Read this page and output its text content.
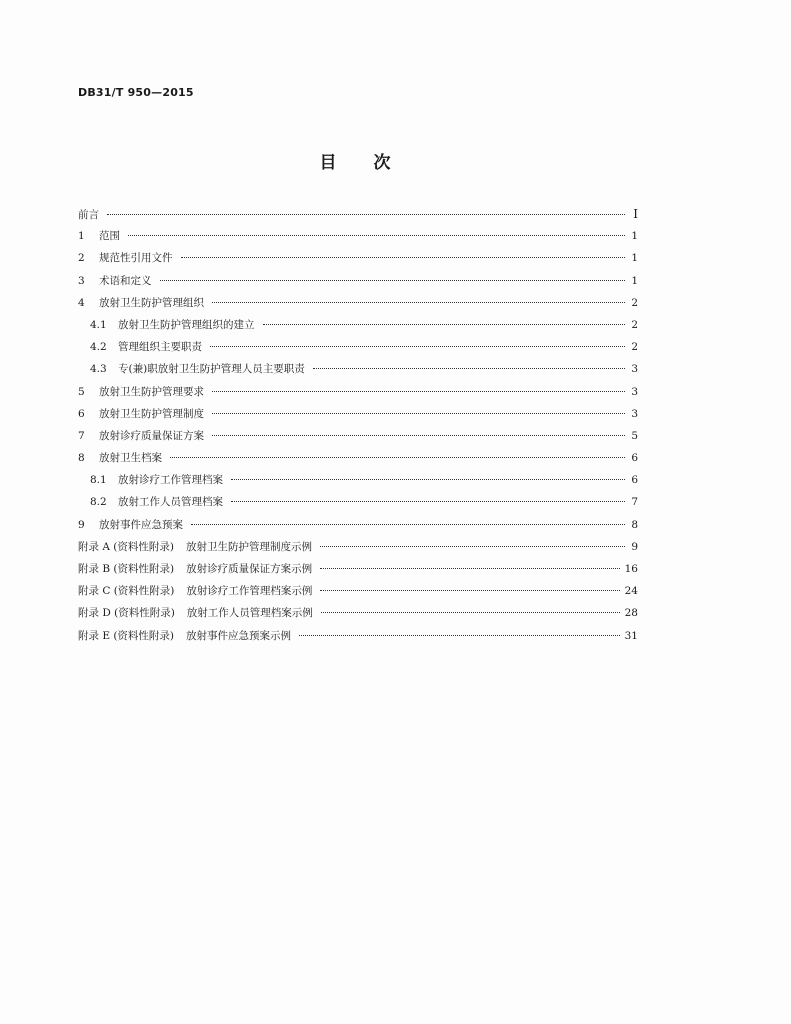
DB31/T 950—2015
目 次
前言	I
1	范围	1
2	规范性引用文件	1
3	术语和定义	1
4	放射卫生防护管理组织	2
4.1	放射卫生防护管理组织的建立	2
4.2	管理组织主要职责	2
4.3	专(兼)职放射卫生防护管理人员主要职责	3
5	放射卫生防护管理要求	3
6	放射卫生防护管理制度	3
7	放射诊疗质量保证方案	5
8	放射卫生档案	6
8.1	放射诊疗工作管理档案	6
8.2	放射工作人员管理档案	7
9	放射事件应急预案	8
附录 A (资料性附录) 放射卫生防护管理制度示例	9
附录 B (资料性附录) 放射诊疗质量保证方案示例	16
附录 C (资料性附录) 放射诊疗工作管理档案示例	24
附录 D (资料性附录) 放射工作人员管理档案示例	28
附录 E (资料性附录) 放射事件应急预案示例	31
